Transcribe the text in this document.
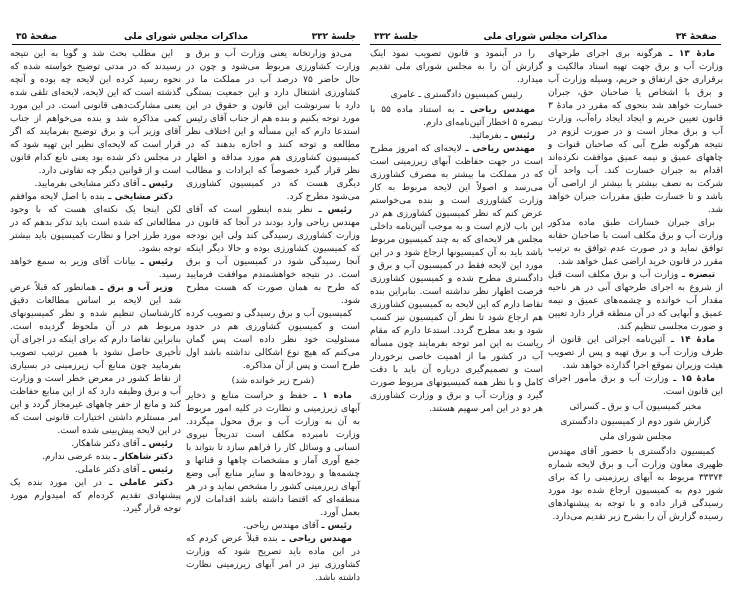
جلسهٔ ۳۳۲
مذاکرات مجلس شورای ملی
صفحهٔ ۳۵

می‌دو وزارتخانه یعنی وزارت آب و برق و وزارت کشاورزی مربوط می‌شود و چون در حال حاضر ۷۵ درصد آب در مملکت ما در کشاورزی اشتغال دارد و این جمعیت بستگی دارد با سرنوشت این قانون و حقوق در این مورد توجه بکنیم و بنده هم از جناب آقای رئیس استدعا دارم که این مسأله و این اختلاف نظر مطالعه و توجه کنند و اجازه بدهند که در کمیسیون کشاورزی هم مورد مداقه و اظهار نظر قرار گیرد خصوصاً که ایرادات و مطالب دیگری هست که در کمیسیون کشاورزی می‌شود مطرح کرد.

رئیس ـ نظر بنده اینطور است که آقای مهندس ریاحی وارد بودند در آنجا که قانون در وزارت کشاورزی رسیدگی کند ولی این بودجه که کمیسیون کشاورزی بوده و حالا دیگر اینکه آنجا رسیدگی شود در کمیسیون آب و برق است. در نتیجه خواهشمندم موافقت فرمایید که طرح به همان صورت که هست مطرح شود.

کمیسیون آب و برق رسیدگی و تصویب کرده است و کمیسیون کشاورزی هم در حدود مسئولیت خود نظر داده است پس گمان می‌کنم که هیچ نوع اشکالی نداشته باشد اول طرح است و پس از آن مذاکره.

(شرح زیر خوانده شد)

ماده ۱ ـ حفظ و حراست منابع و ذخایر آبهای زیرزمینی و نظارت در کلیه امور مربوط به آن به وزارت آب و برق محول میگردد. وزارت نامبرده مکلف است تدریجاً نیروی انسانی و وسائل کار را فراهم سازد تا بتواند با جمع آوری آمار و مشخصات چاهها و قناتها و چشمه‌ها و رودخانه‌ها و سایر منابع آبی وضع آبهای زیرزمینی کشور را مشخص نماید و در هر منطقه‌ای که اقتضا داشته باشد اقدامات لازم بعمل آورد.

رئیس ـ آقای مهندس ریاحی.

مهندس ریاحی ـ بنده قبلاً عرض کردم که در این ماده باید تصریح شود که وزارت کشاورزی نیز در امر آبهای زیرزمینی نظارت داشته باشد.

این مطلب بحث شد و گویا به این نتیجه رسیدند که در مدتی توضیح خواسته شده که نحوه رسید کرده این لایحه چه بوده و آنچه گذشته است که این لایحه، لایحه‌ای تلقی شده یعنی مشارکت‌دهی قانونی است. در این مورد کمی مذاکره شد و بنده می‌خواهم از جناب آقای وزیر آب و برق توضیح بفرمایند که اگر قرار است که لایحه‌ای نظیر این تهیه شود که در مجلس ذکر شده بود یعنی تابع کدام قانون است و از قوانین دیگر چه تفاوتی دارد.

رئیس ـ آقای دکتر مشایخی بفرمایید.

دکتر مشایخی ـ بنده با اصل لایحه موافقم لکن اینجا یک نکته‌ای هست که با وجود مطالعاتی که شده است باید تذکر بدهم که در مورد طرز اجرا و نظارت کمیسیون باید بیشتر توجه بشود.

رئیس ـ بیانات آقای وزیر به سمع خواهد رسید.

وزیر آب و برق ـ همانطور که قبلاً عرض شد این لایحه بر اساس مطالعات دقیق کارشناسان تنظیم شده و نظر کمیسیونهای مربوط هم در آن ملحوظ گردیده است. بنابراین تقاضا دارم که برای اینکه در اجرای آن تأخیری حاصل نشود با همین ترتیب تصویب بفرمایید چون منابع آب زیرزمینی در بسیاری از نقاط کشور در معرض خطر است و وزارت آب و برق وظیفه دارد که از این منابع حفاظت کند و مانع از حفر چاههای غیرمجاز گردد و این امر مستلزم داشتن اختیارات قانونی است که در این لایحه پیش‌بینی شده است.

رئیس ـ آقای دکتر شاهکار.

دکتر شاهکار ـ بنده عرضی ندارم.

رئیس ـ آقای دکتر عاملی.

دکتر عاملی ـ در این مورد بنده یک پیشنهادی تقدیم کرده‌ام که امیدوارم مورد توجه قرار گیرد.

صفحهٔ ۳۴
مذاکرات مجلس شورای ملی
جلسهٔ ۳۳۲

مادهٔ ۱۳ ـ هرگونه بری اجرای طرحهای وزارت آب و برق جهت تهیه اسناد مالکیت و برقراری حق ارتفاق و حریم، وسیله وزارت آب و برق با اشخاص یا صاحبان حق، جبران خسارت خواهد شد بنحوی که مقرر در مادهٔ ۳ قانون تعیین حریم و ایجاد ایجاد راه‌آب، وزارت آب و برق مجاز است و در صورت لزوم در نتیجه هرگونه طرح آبی که صاحبان قنوات و چاههای عمیق و نیمه عمیق موافقت نکرده‌اند اقدام به جبران خسارت کند. آب واحد آن شرکت به نصف بیشتر یا بیشتر از اراضی آن باشد و تا خسارت طبق مقررات جبران خواهد شد.

برای جبران خسارات طبق ماده مذکور وزارت آب و برق مکلف است با صاحبان حقابه توافق نماید و در صورت عدم توافق به ترتیب مقرر در قانون خرید اراضی عمل خواهد شد.

تبصره ـ وزارت آب و برق مکلف است قبل از شروع به اجرای طرحهای آبی در هر ناحیه مقدار آب خوانده و چشمه‌های عمیق و نیمه عمیق و آبهایی که در آن منطقه قرار دارد تعیین و صورت مجلسی تنظیم کند.

مادهٔ ۱۴ ـ آئین‌نامه اجرائی این قانون از طرف وزارت آب و برق تهیه و پس از تصویب هیئت وزیران بموقع اجرا گذارده خواهد شد.

مادهٔ ۱۵ ـ وزارت آب و برق مأمور اجرای این قانون است.

مخبر کمیسیون آب و برق ـ کسرائی

گزارش شور دوم از کمیسیون دادگستری

مجلس شورای ملی

کمیسیون دادگستری با حضور آقای مهندس ظهیری معاون وزارت آب و برق لایحه شماره ۳۳۳۷۴ مربوط به آبهای زیرزمینی را که برای شور دوم به کمیسیون ارجاع شده بود مورد رسیدگی قرار داده و با توجه به پیشنهادهای رسیده گزارش آن را بشرح زیر تقدیم می‌دارد.

را در آبنمود و قانون تصویب نمود اینک گزارش آن را به مجلس شورای ملی تقدیم میدارد.

رئیس کمیسیون دادگستری ـ عامری

مهندس ریاحی ـ به استناد ماده ۵۵ با تبصره ۵ اخطار آئین‌نامه‌ای دارم.

رئیس ـ بفرمائید.

مهندس ریاحی ـ لایحه‌ای که امروز مطرح است در جهت حفاظت آبهای زیرزمینی است که در مملکت ما بیشتر به مصرف کشاورزی می‌رسد و اصولاً این لایحه مربوط به کار وزارت کشاورزی است و بنده می‌خواستم عرض کنم که نظر کمیسیون کشاورزی هم در این باب لازم است و به موجب آئین‌نامه داخلی مجلس هر لایحه‌ای که به چند کمیسیون مربوط باشد باید به آن کمیسیونها ارجاع شود و در این مورد این لایحه فقط در کمیسیون آب و برق و دادگستری مطرح شده و کمیسیون کشاورزی فرصت اظهار نظر نداشته است. بنابراین بنده تقاضا دارم که این لایحه به کمیسیون کشاورزی هم ارجاع شود تا نظر آن کمیسیون نیز کسب شود و بعد مطرح گردد. استدعا دارم که مقام ریاست به این امر توجه بفرمایند چون مسأله آب در کشور ما از اهمیت خاصی برخوردار است و تصمیم‌گیری درباره آن باید با دقت کامل و با نظر همه کمیسیونهای مربوط صورت گیرد و وزارت آب و برق و وزارت کشاورزی هر دو در این امر سهیم هستند.
